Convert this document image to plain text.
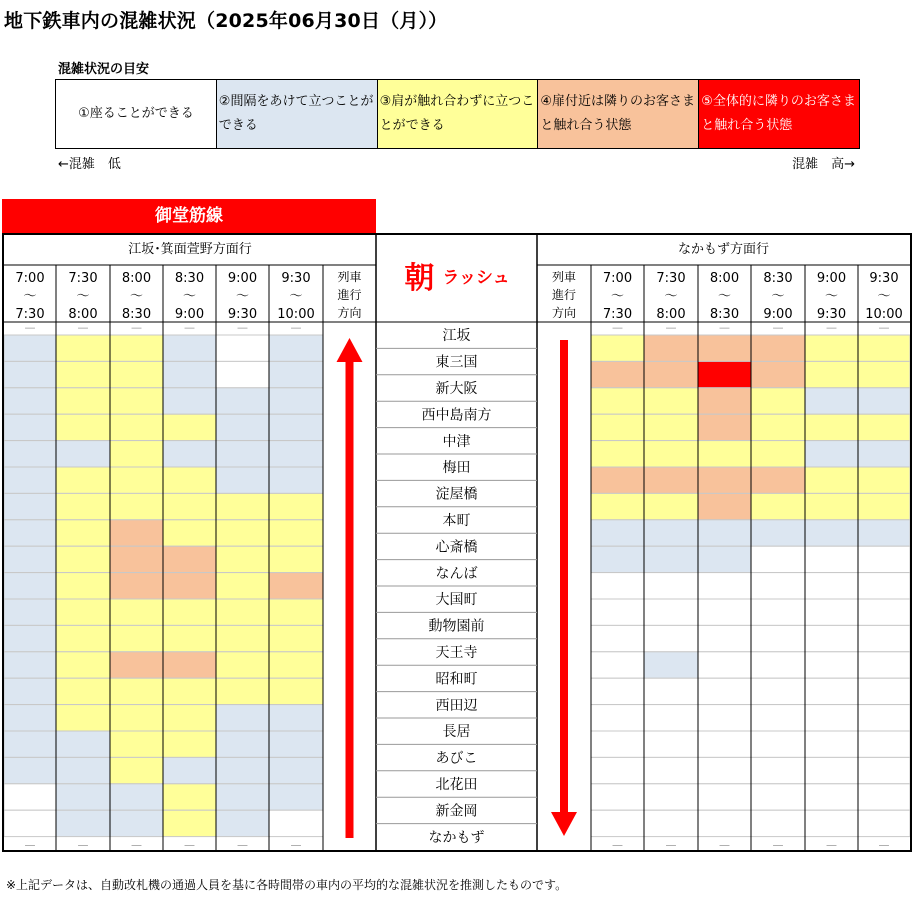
地下鉄車内の混雑状況（2025年06月30日（月））
混雑状況の目安
①座ることができる
②間隔をあけて立つことができる
③肩が触れ合わずに立つことができる
④扉付近は隣りのお客さまと触れ合う状態
⑤全体的に隣りのお客さまと触れ合う状態
←混雑　低	混雑　高→
御堂筋線
江坂･箕面萱野方面行	なかもず方面行
朝ラッシュ
7:00
～
7:30
7:30
～
8:00
8:00
～
8:30
8:30
～
9:00
9:00
～
9:30
9:30
～
10:00
7:00
～
7:30
7:30
～
8:00
8:00
～
8:30
8:30
～
9:00
9:00
～
9:30
9:30
～
10:00
列車
進行
方向
列車
進行
方向
—
—
—
—
—
—
—
—
—
—
—
—
—
—
—
—
—
—
—
—
—
—
—
—
江坂
東三国
新大阪
西中島南方
中津
梅田
淀屋橋
本町
心斎橋
なんば
大国町
動物園前
天王寺
昭和町
西田辺
長居
あびこ
北花田
新金岡
なかもず
※上記データは、自動改札機の通過人員を基に各時間帯の車内の平均的な混雑状況を推測したものです。
